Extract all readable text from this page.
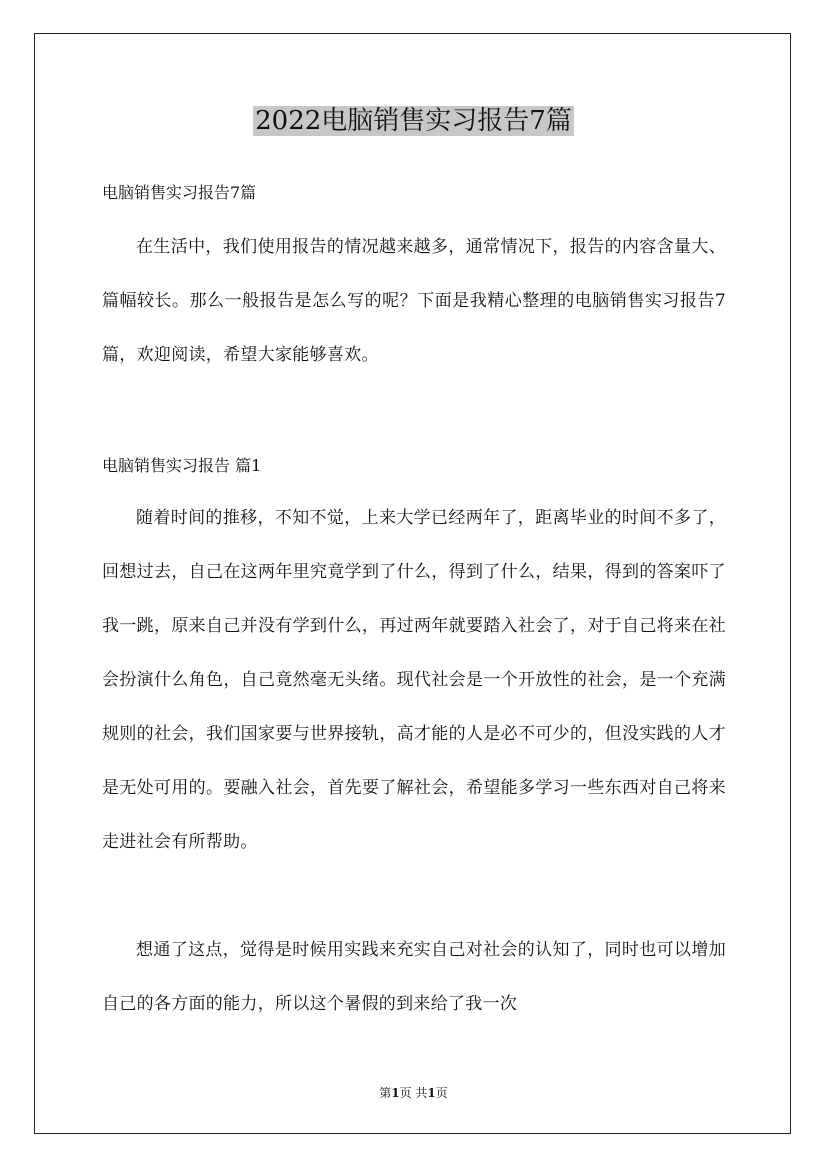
2022电脑销售实习报告7篇

电脑销售实习报告7篇

在生活中，我们使用报告的情况越来越多，通常情况下，报告的内容含量大、篇幅较长。那么一般报告是怎么写的呢？下面是我精心整理的电脑销售实习报告7篇，欢迎阅读，希望大家能够喜欢。

电脑销售实习报告 篇1

随着时间的推移，不知不觉，上来大学已经两年了，距离毕业的时间不多了，回想过去，自己在这两年里究竟学到了什么，得到了什么，结果，得到的答案吓了我一跳，原来自己并没有学到什么，再过两年就要踏入社会了，对于自己将来在社会扮演什么角色，自己竟然毫无头绪。现代社会是一个开放性的社会，是一个充满规则的社会，我们国家要与世界接轨，高才能的人是必不可少的，但没实践的人才是无处可用的。要融入社会，首先要了解社会，希望能多学习一些东西对自己将来走进社会有所帮助。

想通了这点，觉得是时候用实践来充实自己对社会的认知了，同时也可以增加自己的各方面的能力，所以这个暑假的到来给了我一次

第1页 共1页
